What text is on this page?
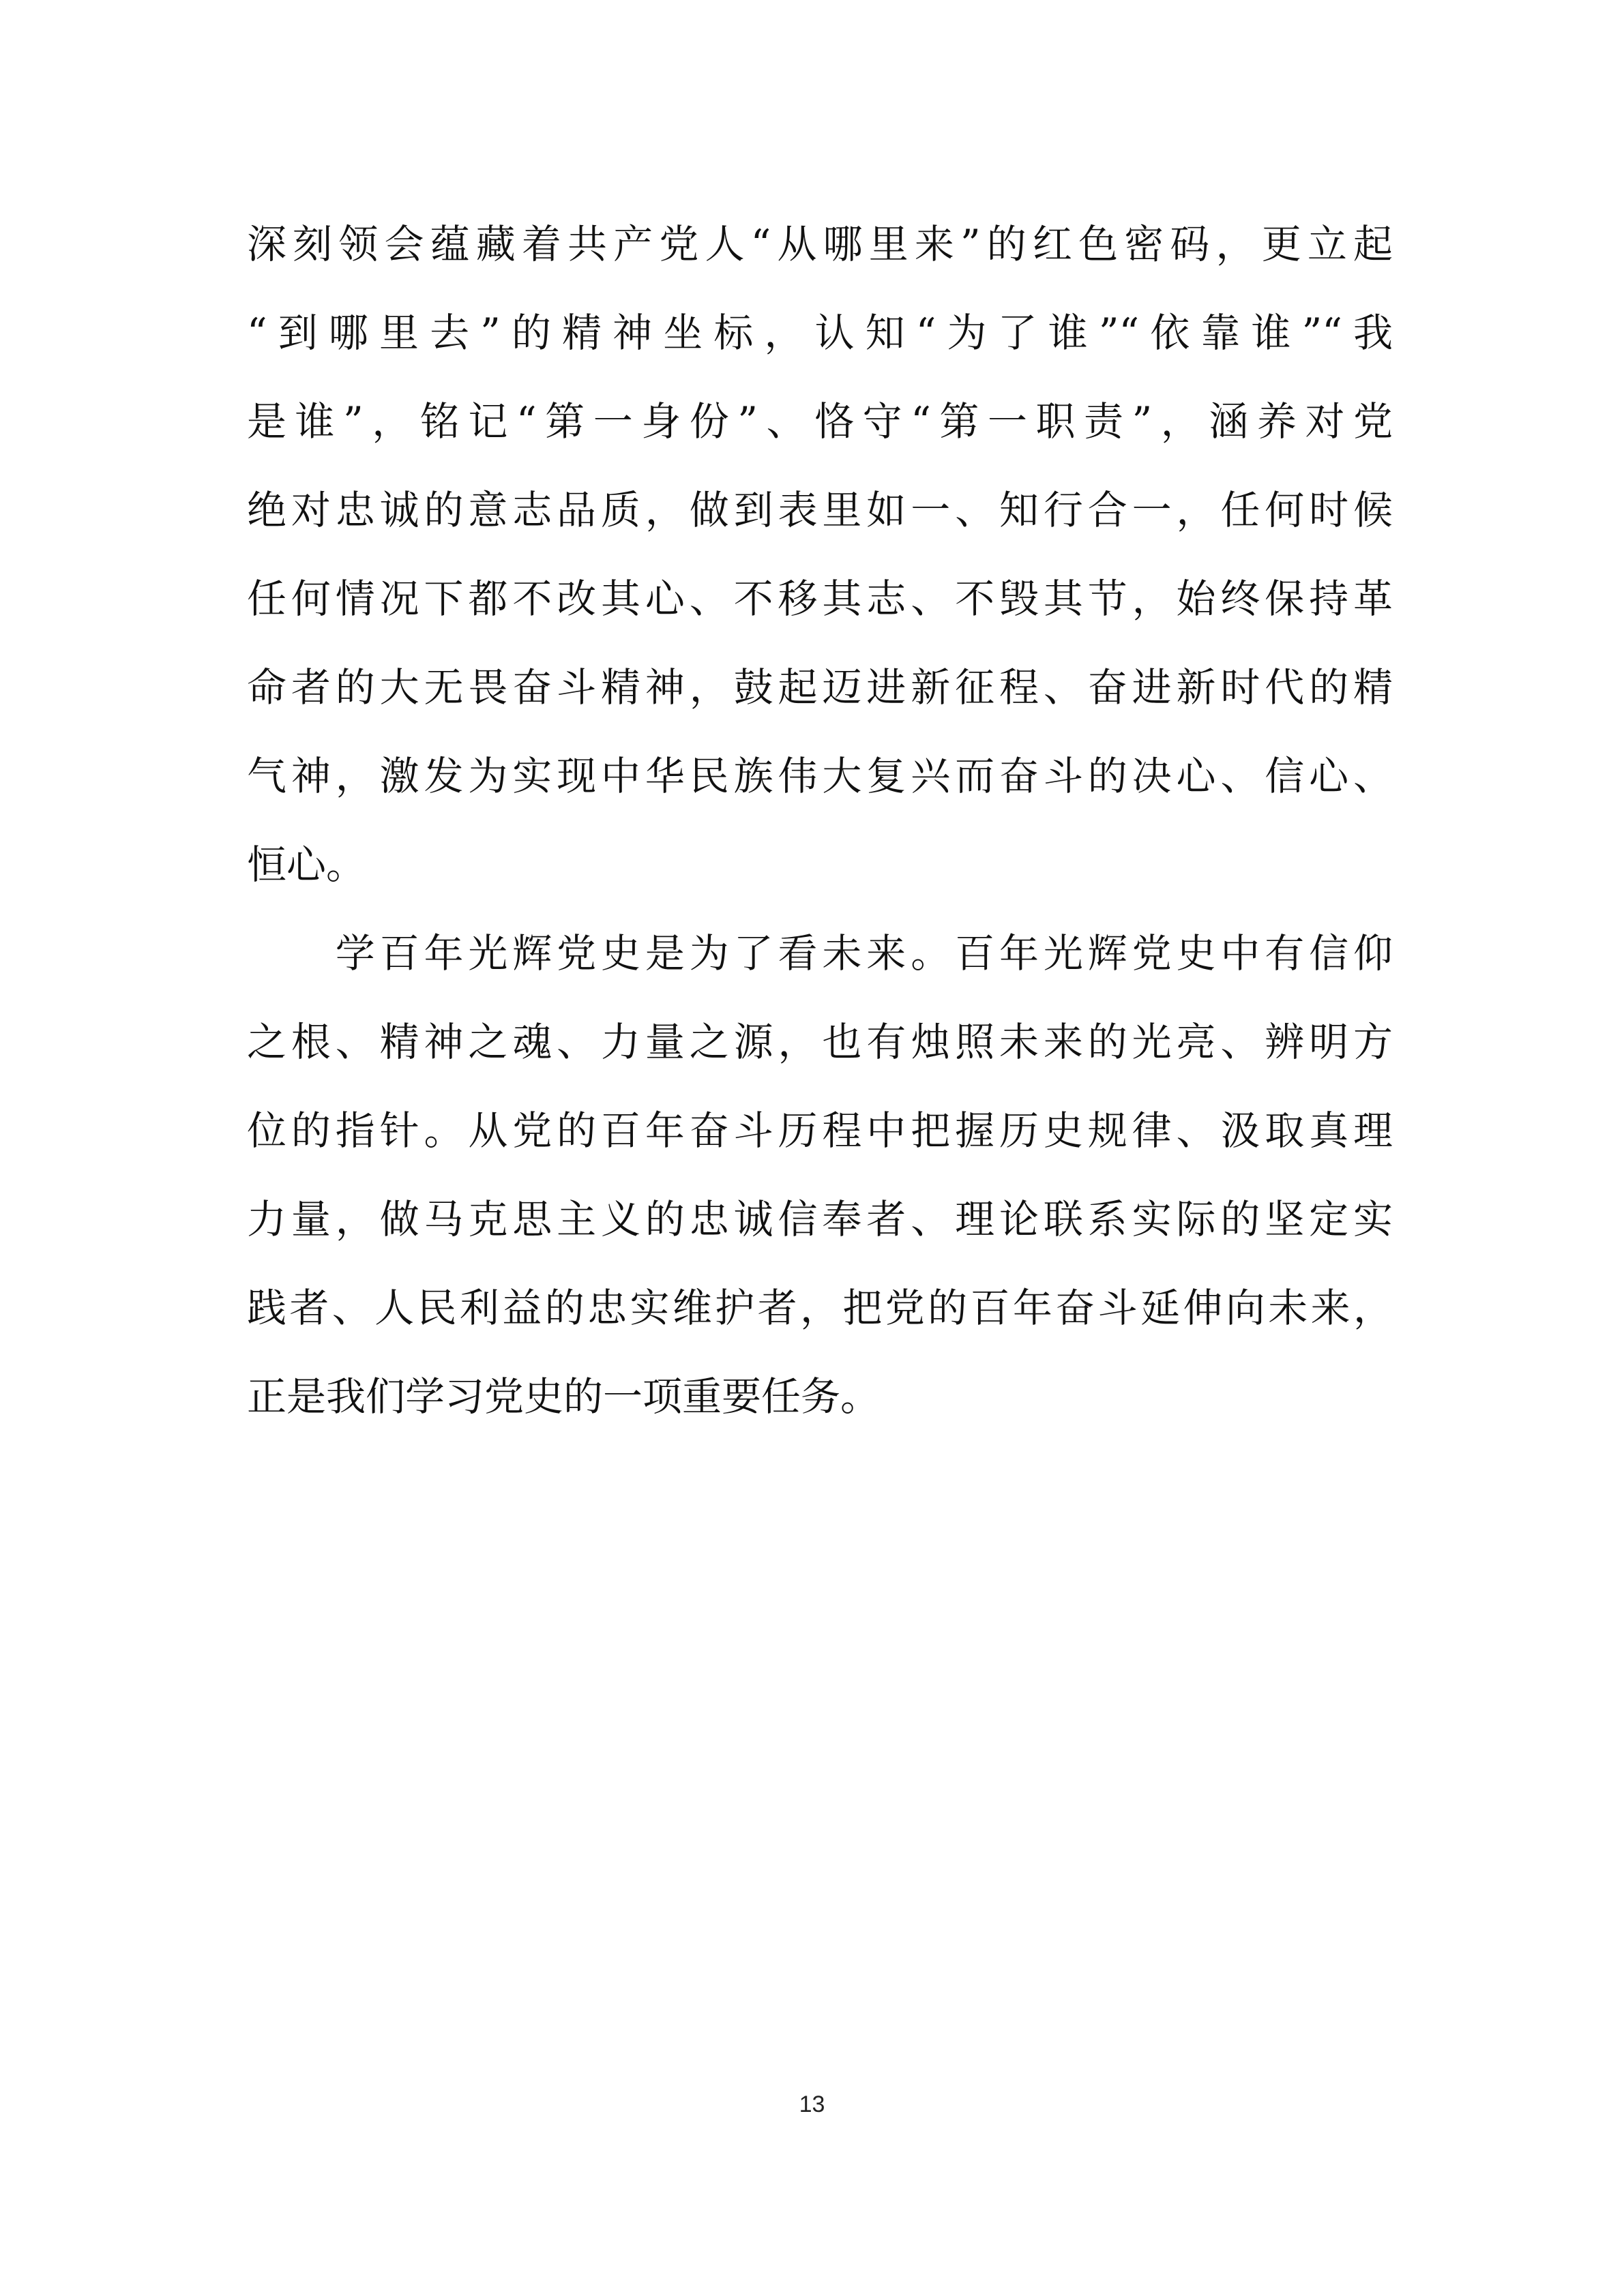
深刻领会蕴藏着共产党人“从哪里来”的红色密码，更立起
“到哪里去”的精神坐标，认知“为了谁”“依靠谁”“我
是谁”，铭记“第一身份”、恪守“第一职责”，涵养对党
绝对忠诚的意志品质，做到表里如一、知行合一，任何时候
任何情况下都不改其心、不移其志、不毁其节，始终保持革
命者的大无畏奋斗精神，鼓起迈进新征程、奋进新时代的精
气神，激发为实现中华民族伟大复兴而奋斗的决心、信心、
恒心。
　　学百年光辉党史是为了看未来。百年光辉党史中有信仰
之根、精神之魂、力量之源，也有烛照未来的光亮、辨明方
位的指针。从党的百年奋斗历程中把握历史规律、汲取真理
力量，做马克思主义的忠诚信奉者、理论联系实际的坚定实
践者、人民利益的忠实维护者，把党的百年奋斗延伸向未来，
正是我们学习党史的一项重要任务。
13
